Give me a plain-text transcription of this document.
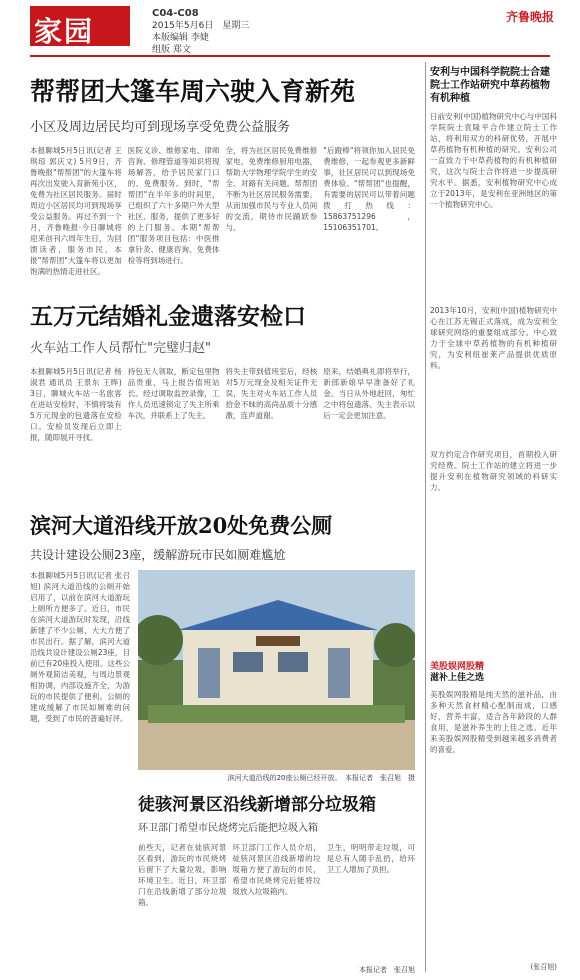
家园
C04-C08
2015年5月6日　星期三
本版编辑 李婕
组版 郑文
齐鲁晚报
帮帮团大篷车周六驶入育新苑
小区及周边居民均可到现场享受免费公益服务
本报聊城5月5日讯(记者 王琪琼 郭庆文) 5月9日，齐鲁晚报"帮帮团"的大篷车将再次出发驶入育新苑小区，免费为社区居民服务。届时周边小区居民均可到现场享受公益服务。再过不到一个月，齐鲁晚报·今日聊城将迎来创刊六周年生日，为回馈读者，服务市民，本报"帮帮团"大篷车将以更加饱满的热情走进社区。
医院义诊、维修家电、律师咨询、修理管道等知识将现场解答，给予居民家门口的、免费服务。到时，"帮帮团"在半年多的时间里，已组织了六十多期户外大型社区、服务，提供了更多好的上门服务。本期"帮帮团"服务项目包括：中医推拿针灸、健康咨询、免费体检等将到场进行。
全，将为社区居民免费维修家电，免费维修厨用电器，帮助大学物理学院学生的安全、对路有关问题。帮帮团不断为社区居民服务需要，从而加强市民与专业人员间的交流，期待市民踊跃参与。
"后蹬棒"将领你加入居民免费维修，一起参观更多新鲜事，社区居民可以到现场免费体验。"帮帮团"也提醒，有需要的居民可以带着问题拨打热线：15863751296，15106351701。
五万元结婚礼金遗落安检口
火车站工作人员帮忙"完璧归赵"
本报聊城5月5日讯(记者 杨淑君 通讯员 王景东 王晔) 3日，聊城火车站一名旅客在进站安检时，不慎将装有5万元现金的包遗落在安检口。安检员发现后立即上报，随即展开寻找。
持包无人领取，断定包里物品贵重，马上报告值班站长。经过调取监控录像，工作人员迅速锁定了失主所乘车次，并联系上了失主。
将失主带到值班室后，经核对5万元现金及相关证件无误，失主对火车站工作人员拾金不昧的高尚品质十分感激，连声道谢。
原来，结婚典礼即将举行，新郎新娘早早准备好了礼金。当日从外地赶回，匆忙之中将包遗落。失主表示以后一定会更加注意。
滨河大道沿线开放20处免费公厕
共设计建设公厕23座，缓解游玩市民如厕难尴尬
本报聊城5月5日讯(记者 张召旭) 滨河大道沿线的公厕开始启用了，以前在滨河大道游玩上厕所方便多了。近日，市民在滨河大道游玩时发现，沿线新建了不少公厕，大大方便了市民出行。据了解，滨河大道沿线共设计建设公厕23座，目前已有20座投入使用。这些公厕外观简洁美观，与周边景观相协调，内部设施齐全，为游玩的市民提供了便利。公厕的建成缓解了市民如厕难的问题，受到了市民的普遍好评。
滨河大道沿线的20座公厕已经开放。　本报记者　张召旭　摄
徒骇河景区沿线新增部分垃圾箱
环卫部门希望市民烧烤完后能把垃圾入箱
前些天，记者在徒骇河景区看到，游玩的市民烧烤后留下了大量垃圾，影响环境卫生。近日，环卫部门在沿线新增了部分垃圾箱。
环卫部门工作人员介绍，徒骇河景区沿线新增的垃圾箱方便了游玩的市民，希望市民烧烤完后能将垃圾放入垃圾箱内。
卫生，明明带走垃圾，可是总有人随手乱扔，给环卫工人增加了负担。
本报记者　张召旭
安利与中国科学院院士合建院士工作站研究中草药植物有机种植
日前安利(中国)植物研究中心与中国科学院院士袁隆平合作建立院士工作站，将利用双方的科研优势，开展中草药植物有机种植的研究。安利公司一直致力于中草药植物的有机种植研究，这次与院士合作将进一步提高研究水平。据悉，安利植物研究中心成立于2013年，是安利在亚洲地区的第一个植物研究中心。
2013年10月，安利(中国)植物研究中心在江苏无锡正式落成，成为安利全球研究网络的重要组成部分。中心致力于全球中草药植物的有机种植研究，为安利纽崔莱产品提供优质原料。
双方约定合作研究项目，首期投入研究经费。院士工作站的建立将进一步提升安利在植物研究领域的科研实力。
美股娱网股精
滋补上佳之选
美股娱网股精是纯天然的滋补品，由多种天然食材精心配制而成，口感好，营养丰富，适合各年龄段的人群食用，是滋补养生的上佳之选。近年来美股娱网股精受到越来越多消费者的喜爱。
(张召旭)
